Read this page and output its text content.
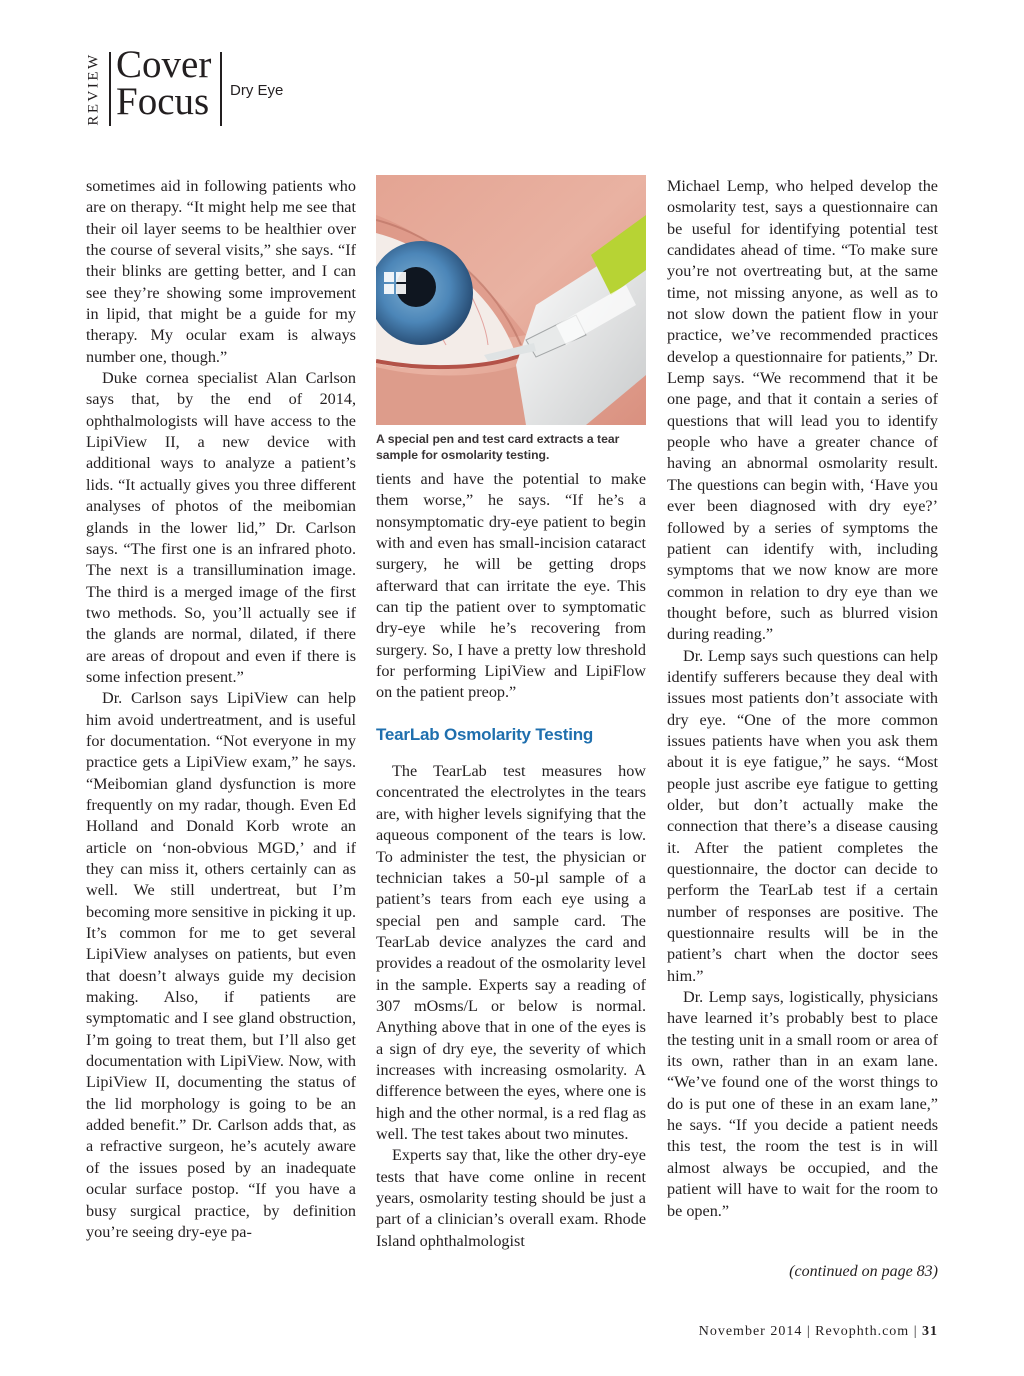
REVIEW Cover
Focus Dry Eye

sometimes aid in following patients who are on therapy. “It might help me see that their oil layer seems to be healthier over the course of several visits,” she says. “If their blinks are getting better, and I can see they’re showing some improvement in lipid, that might be a guide for my therapy. My ocular exam is always number one, though.”

Duke cornea specialist Alan Carlson says that, by the end of 2014, ophthalmologists will have access to the LipiView II, a new device with additional ways to analyze a patient’s lids. “It actually gives you three different analyses of photos of the meibomian glands in the lower lid,” Dr. Carlson says. “The first one is an infrared photo. The next is a transillumination image. The third is a merged image of the first two methods. So, you’ll actually see if the glands are normal, dilated, if there are areas of dropout and even if there is some infection present.”

Dr. Carlson says LipiView can help him avoid undertreatment, and is useful for documentation. “Not everyone in my practice gets a LipiView exam,” he says. “Meibomian gland dysfunction is more frequently on my radar, though. Even Ed Holland and Donald Korb wrote an article on ‘non-obvious MGD,’ and if they can miss it, others certainly can as well. We still undertreat, but I’m becoming more sensitive in picking it up. It’s common for me to get several LipiView analyses on patients, but even that doesn’t always guide my decision making. Also, if patients are symptomatic and I see gland obstruction, I’m going to treat them, but I’ll also get documentation with LipiView. Now, with LipiView II, documenting the status of the lid morphology is going to be an added benefit.” Dr. Carlson adds that, as a refractive surgeon, he’s acutely aware of the issues posed by an inadequate ocular surface postop. “If you have a busy surgical practice, by definition you’re seeing dry-eye pa-

A special pen and test card extracts a tear sample for osmolarity testing.

tients and have the potential to make them worse,” he says. “If he’s a nonsymptomatic dry-eye patient to begin with and even has small-incision cataract surgery, he will be getting drops afterward that can irritate the eye. This can tip the patient over to symptomatic dry-eye while he’s recovering from surgery. So, I have a pretty low threshold for performing LipiView and LipiFlow on the patient preop.”

TearLab Osmolarity Testing

The TearLab test measures how concentrated the electrolytes in the tears are, with higher levels signifying that the aqueous component of the tears is low. To administer the test, the physician or technician takes a 50-µl sample of a patient’s tears from each eye using a special pen and sample card. The TearLab device analyzes the card and provides a readout of the osmolarity level in the sample. Experts say a reading of 307 mOsms/L or below is normal. Anything above that in one of the eyes is a sign of dry eye, the severity of which increases with increasing osmolarity. A difference between the eyes, where one is high and the other normal, is a red flag as well. The test takes about two minutes.

Experts say that, like the other dry-eye tests that have come online in recent years, osmolarity testing should be just a part of a clinician’s overall exam. Rhode Island ophthalmologist

Michael Lemp, who helped develop the osmolarity test, says a questionnaire can be useful for identifying potential test candidates ahead of time. “To make sure you’re not overtreating but, at the same time, not missing anyone, as well as to not slow down the patient flow in your practice, we’ve recommended practices develop a questionnaire for patients,” Dr. Lemp says. “We recommend that it be one page, and that it contain a series of questions that will lead you to identify people who have a greater chance of having an abnormal osmolarity result. The questions can begin with, ‘Have you ever been diagnosed with dry eye?’ followed by a series of symptoms the patient can identify with, including symptoms that we now know are more common in relation to dry eye than we thought before, such as blurred vision during reading.”

Dr. Lemp says such questions can help identify sufferers because they deal with issues most patients don’t associate with dry eye. “One of the more common issues patients have when you ask them about it is eye fatigue,” he says. “Most people just ascribe eye fatigue to getting older, but don’t actually make the connection that there’s a disease causing it. After the patient completes the questionnaire, the doctor can decide to perform the TearLab test if a certain number of responses are positive. The questionnaire results will be in the patient’s chart when the doctor sees him.”

Dr. Lemp says, logistically, physicians have learned it’s probably best to place the testing unit in a small room or area of its own, rather than in an exam lane. “We’ve found one of the worst things to do is put one of these in an exam lane,” he says. “If you decide a patient needs this test, the room the test is in will almost always be occupied, and the patient will have to wait for the room to be open.”

(continued on page 83)
November 2014 | Revophth.com | 31
